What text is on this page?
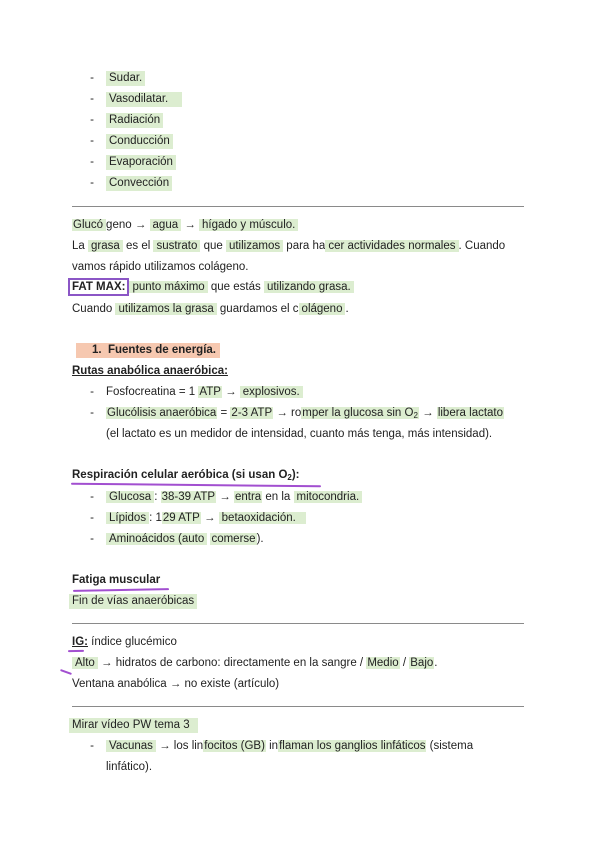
- Sudar.
- Vasodilatar.
- Radiación
- Conducción
- Evaporación
- Convección
Glucó geno → agua → hígado y músculo.
La grasa es el sustrato que utilizamos para ha cer actividades normales . Cuando
vamos rápido utilizamos colágeno.
FAT MAX: punto máximo que estás utilizando grasa.
Cuando utilizamos la grasa guardamos el c olágeno .
1. Fuentes de energía.
Rutas anabólica anaeróbica:
- Fosfocreatina = 1 ATP → explosivos.
- Glucólisis anaeróbica = 2-3 ATP → romper la glucosa $\sin O_2$ → libera lactato
(el lactato es un medidor de intensidad, cuanto más tenga, más intensidad).
Respiración celular aeróbica (si usan $O_2$):
- Glucosa : 38-39 ATP → entra en la mitocondria.
- Lípidos : 129 ATP → betaoxidación.
- Aminoácidos (auto comerse).
Fatiga muscular
Fin de vías anaeróbicas
IG: índice glucémico
Alto → hidratos de carbono: directamente en la sangre / Medio / Bajo.
Ventana anabólica → no existe (artículo)
Mirar vídeo PW tema 3
- Vacunas → los linfocitos (GB) inflaman los ganglios linfáticos (sistema
linfático).
